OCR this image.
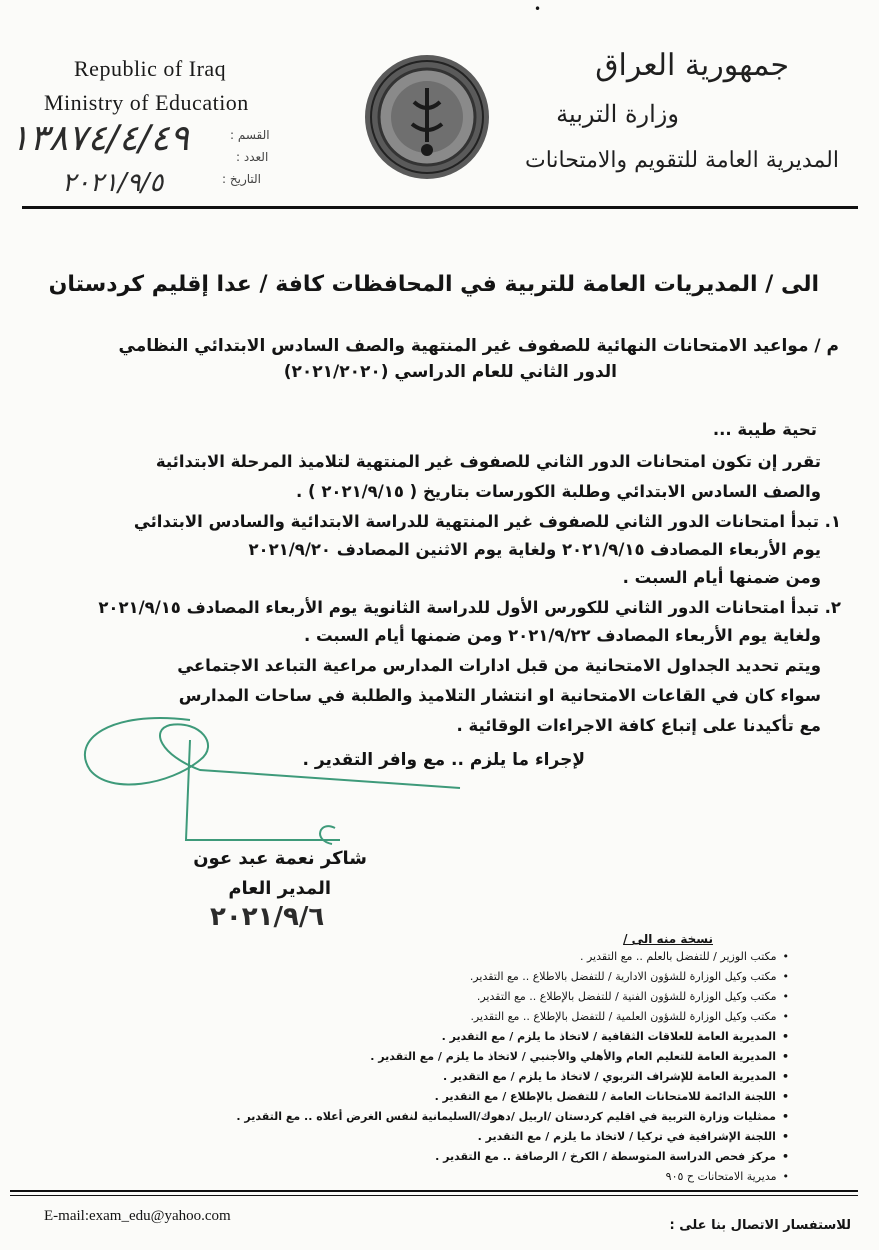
Republic of Iraq
Ministry of Education
جمهورية العراق
وزارة التربية
المديرية العامة للتقويم والامتحانات
القسم :
العدد :
التاريخ :
١٣٨٧٤/٤/٤٩
٢٠٢١/٩/٥
•
الى / المديريات العامة للتربية في المحافظات كافة / عدا إقليم كردستان
م / مواعيد الامتحانات النهائية للصفوف غير المنتهية والصف السادس الابتدائي النظامي
الدور الثاني للعام الدراسي (٢٠٢١/٢٠٢٠)
تحية طيبة ...
تقرر إن تكون امتحانات الدور الثاني للصفوف غير المنتهية لتلاميذ المرحلة الابتدائية
والصف السادس الابتدائي وطلبة الكورسات بتاريخ ( ٢٠٢١/٩/١٥ ) .
١. تبدأ امتحانات الدور الثاني للصفوف غير المنتهية للدراسة الابتدائية والسادس الابتدائي
يوم الأربعاء المصادف ٢٠٢١/٩/١٥ ولغاية يوم الاثنين المصادف ٢٠٢١/٩/٢٠
ومن ضمنها أيام السبت .
٢. تبدأ امتحانات الدور الثاني للكورس الأول للدراسة الثانوية يوم الأربعاء المصادف ٢٠٢١/٩/١٥
ولغاية يوم الأربعاء المصادف ٢٠٢١/٩/٢٢ ومن ضمنها أيام السبت .
ويتم تحديد الجداول الامتحانية من قبل ادارات المدارس مراعية التباعد الاجتماعي
سواء كان في القاعات الامتحانية او انتشار التلاميذ والطلبة في ساحات المدارس
مع تأكيدنا على إتباع كافة الاجراءات الوقائية .
لإجراء ما يلزم .. مع وافر التقدير .
شاكر نعمة عبد عون
المدير العام
٢٠٢١/٩/٦
نسخة منه الى /
• مكتب الوزير / للتفضل بالعلم .. مع التقدير .
• مكتب وكيل الوزارة للشؤون الادارية / للتفضل بالاطلاع .. مع التقدير.
• مكتب وكيل الوزارة للشؤون الفنية / للتفضل بالإطلاع .. مع التقدير.
• مكتب وكيل الوزارة للشؤون العلمية / للتفضل بالإطلاع .. مع التقدير.
• المديرية العامة للعلاقات الثقافية / لاتخاذ ما يلزم / مع التقدير .
• المديرية العامة للتعليم العام والأهلي والأجنبي / لاتخاذ ما يلزم / مع التقدير .
• المديرية العامة للإشراف التربوي / لاتخاذ ما يلزم / مع التقدير .
• اللجنة الدائمة للامتحانات العامة / للتفضل بالإطلاع / مع التقدير .
• ممثليات وزارة التربية في اقليم كردستان /اربيل /دهوك/السليمانية لنفس الغرض أعلاه .. مع التقدير .
• اللجنة الإشرافية في تركيا / لاتخاذ ما يلزم / مع التقدير .
• مركز فحص الدراسة المتوسطة / الكرخ / الرصافة .. مع التقدير .
• مديرية الامتحانات ح ٩٠٥
E-mail:exam_edu@yahoo.com
للاستفسار الاتصال بنا على :
